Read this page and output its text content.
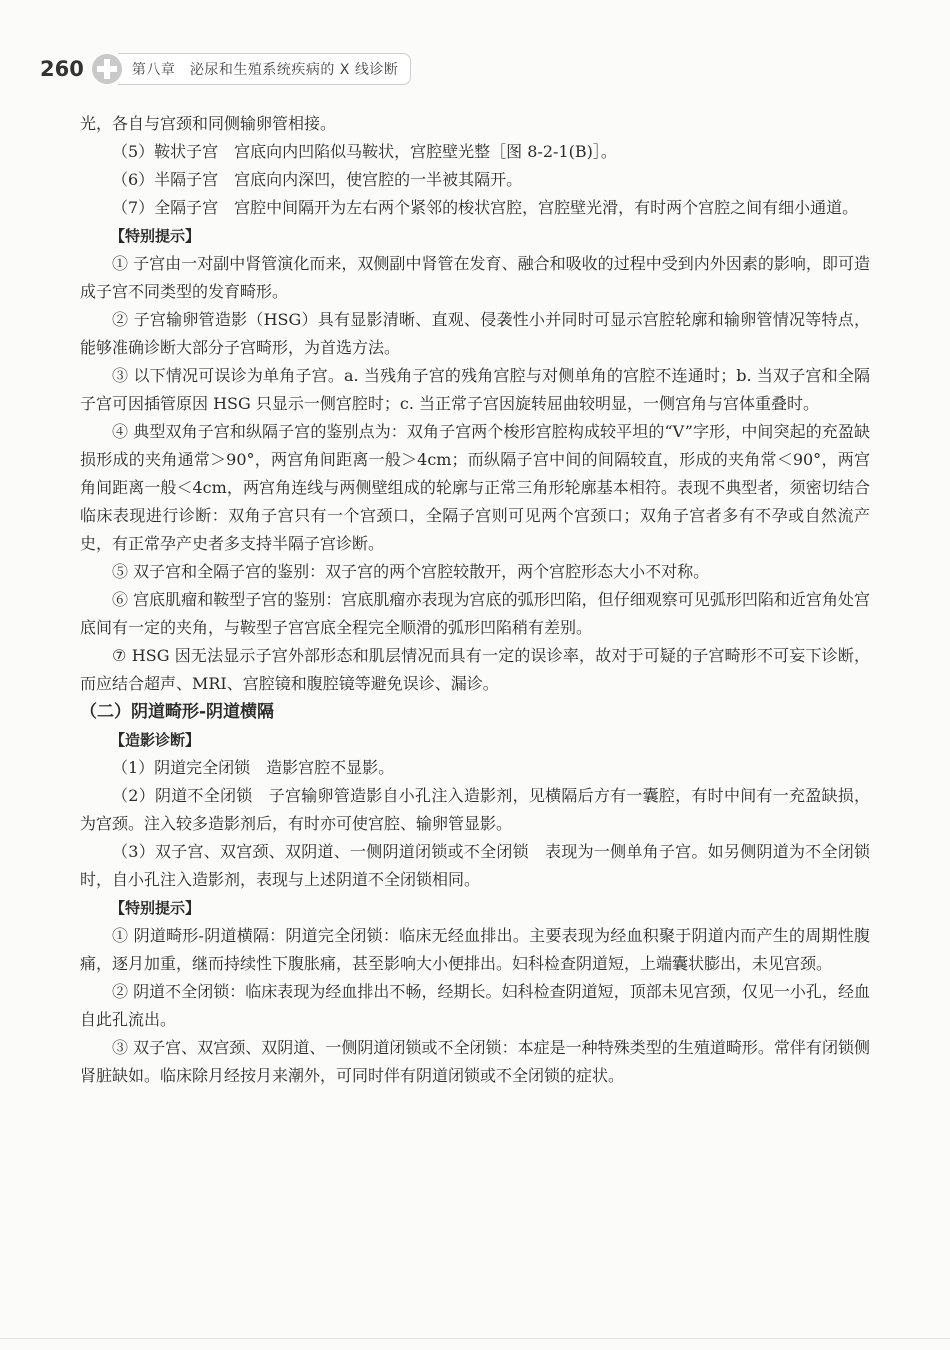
260	第八章　泌尿和生殖系统疾病的 X 线诊断

光，各自与宫颈和同侧输卵管相接。

（5）鞍状子宫　宫底向内凹陷似马鞍状，宫腔壁光整［图 8-2-1(B)］。

（6）半隔子宫　宫底向内深凹，使宫腔的一半被其隔开。

（7）全隔子宫　宫腔中间隔开为左右两个紧邻的梭状宫腔，宫腔壁光滑，有时两个宫腔之间有细小通道。

【特别提示】

① 子宫由一对副中肾管演化而来，双侧副中肾管在发育、融合和吸收的过程中受到内外因素的影响，即可造成子宫不同类型的发育畸形。

② 子宫输卵管造影（HSG）具有显影清晰、直观、侵袭性小并同时可显示宫腔轮廓和输卵管情况等特点，能够准确诊断大部分子宫畸形，为首选方法。

③ 以下情况可误诊为单角子宫。a. 当残角子宫的残角宫腔与对侧单角的宫腔不连通时；b. 当双子宫和全隔子宫可因插管原因 HSG 只显示一侧宫腔时；c. 当正常子宫因旋转屈曲较明显，一侧宫角与宫体重叠时。

④ 典型双角子宫和纵隔子宫的鉴别点为：双角子宫两个梭形宫腔构成较平坦的“V”字形，中间突起的充盈缺损形成的夹角通常＞90°，两宫角间距离一般＞4cm；而纵隔子宫中间的间隔较直，形成的夹角常＜90°，两宫角间距离一般＜4cm，两宫角连线与两侧壁组成的轮廓与正常三角形轮廓基本相符。表现不典型者，须密切结合临床表现进行诊断：双角子宫只有一个宫颈口，全隔子宫则可见两个宫颈口；双角子宫者多有不孕或自然流产史，有正常孕产史者多支持半隔子宫诊断。

⑤ 双子宫和全隔子宫的鉴别：双子宫的两个宫腔较散开，两个宫腔形态大小不对称。

⑥ 宫底肌瘤和鞍型子宫的鉴别：宫底肌瘤亦表现为宫底的弧形凹陷，但仔细观察可见弧形凹陷和近宫角处宫底间有一定的夹角，与鞍型子宫宫底全程完全顺滑的弧形凹陷稍有差别。

⑦ HSG 因无法显示子宫外部形态和肌层情况而具有一定的误诊率，故对于可疑的子宫畸形不可妄下诊断，而应结合超声、MRI、宫腔镜和腹腔镜等避免误诊、漏诊。

（二）阴道畸形-阴道横隔

【造影诊断】

（1）阴道完全闭锁　造影宫腔不显影。

（2）阴道不全闭锁　子宫输卵管造影自小孔注入造影剂，见横隔后方有一囊腔，有时中间有一充盈缺损，为宫颈。注入较多造影剂后，有时亦可使宫腔、输卵管显影。

（3）双子宫、双宫颈、双阴道、一侧阴道闭锁或不全闭锁　表现为一侧单角子宫。如另侧阴道为不全闭锁时，自小孔注入造影剂，表现与上述阴道不全闭锁相同。

【特别提示】

① 阴道畸形-阴道横隔：阴道完全闭锁：临床无经血排出。主要表现为经血积聚于阴道内而产生的周期性腹痛，逐月加重，继而持续性下腹胀痛，甚至影响大小便排出。妇科检查阴道短，上端囊状膨出，未见宫颈。

② 阴道不全闭锁：临床表现为经血排出不畅，经期长。妇科检查阴道短，顶部未见宫颈，仅见一小孔，经血自此孔流出。

③ 双子宫、双宫颈、双阴道、一侧阴道闭锁或不全闭锁：本症是一种特殊类型的生殖道畸形。常伴有闭锁侧肾脏缺如。临床除月经按月来潮外，可同时伴有阴道闭锁或不全闭锁的症状。
